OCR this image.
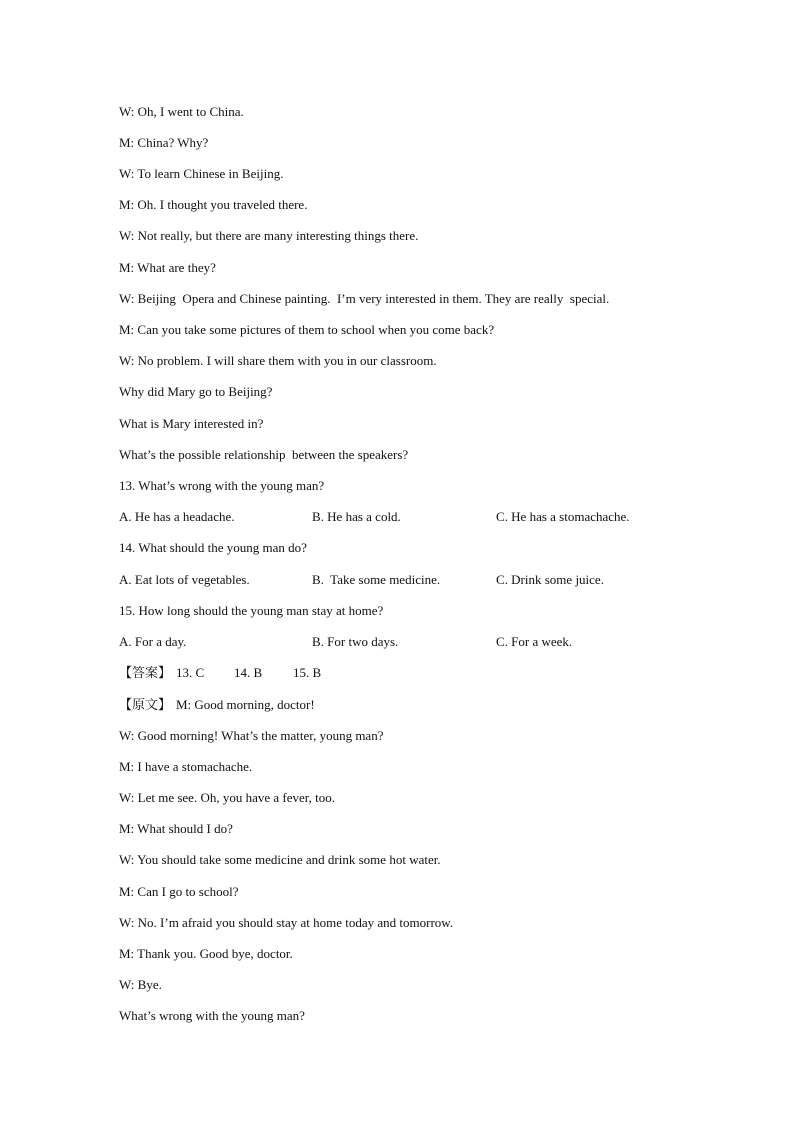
W: Oh, I went to China.
M: China? Why?
W: To learn Chinese in Beijing.
M: Oh. I thought you traveled there.
W: Not really, but there are many interesting things there.
M: What are they?
W: Beijing  Opera and Chinese painting.  I’m very interested in them. They are really  special.
M: Can you take some pictures of them to school when you come back?
W: No problem. I will share them with you in our classroom.
Why did Mary go to Beijing?
What is Mary interested in?
What’s the possible relationship  between the speakers?
13. What’s wrong with the young man?
A. He has a headache.	B. He has a cold.	C. He has a stomachache.
14. What should the young man do?
A. Eat lots of vegetables.	B.  Take some medicine.	C. Drink some juice.
15. How long should the young man stay at home?
A. For a day.	B. For two days.	C. For a week.
【答案】 13. C 14. B 15. B
【原文】 M: Good morning, doctor!
W: Good morning! What’s the matter, young man?
M: I have a stomachache.
W: Let me see. Oh, you have a fever, too.
M: What should I do?
W: You should take some medicine and drink some hot water.
M: Can I go to school?
W: No. I’m afraid you should stay at home today and tomorrow.
M: Thank you. Good bye, doctor.
W: Bye.
What’s wrong with the young man?
